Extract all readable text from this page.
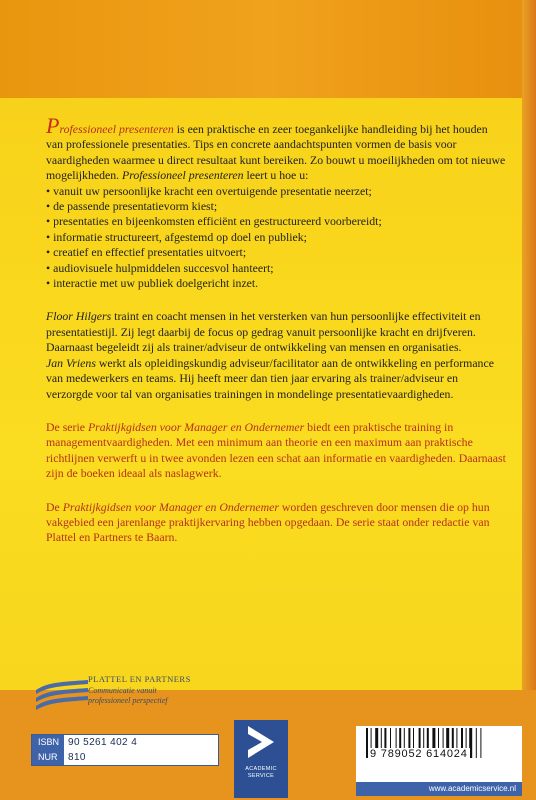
Professioneel presenteren is een praktische en zeer toegankelijke handleiding bij het houden van professionele presentaties. Tips en concrete aandachtspunten vormen de basis voor vaardigheden waarmee u direct resultaat kunt bereiken. Zo bouwt u moeilijkheden om tot nieuwe mogelijkheden. Professioneel presenteren leert u hoe u:

• vanuit uw persoonlijke kracht een overtuigende presentatie neerzet;
• de passende presentatievorm kiest;
• presentaties en bijeenkomsten efficiënt en gestructureerd voorbereidt;
• informatie structureert, afgestemd op doel en publiek;
• creatief en effectief presentaties uitvoert;
• audiovisuele hulpmiddelen succesvol hanteert;
• interactie met uw publiek doelgericht inzet.

Floor Hilgers traint en coacht mensen in het versterken van hun persoonlijke effectiviteit en presentatiestijl. Zij legt daarbij de focus op gedrag vanuit persoonlijke kracht en drijfveren. Daarnaast begeleidt zij als trainer/adviseur de ontwikkeling van mensen en organisaties.

Jan Vriens werkt als opleidingskundig adviseur/facilitator aan de ontwikkeling en performance van medewerkers en teams. Hij heeft meer dan tien jaar ervaring als trainer/adviseur en verzorgde voor tal van organisaties trainingen in mondelinge presentatievaardigheden.

De serie Praktijkgidsen voor Manager en Ondernemer biedt een praktische training in managementvaardigheden. Met een minimum aan theorie en een maximum aan praktische richtlijnen verwerft u in twee avonden lezen een schat aan informatie en vaardigheden. Daarnaast zijn de boeken ideaal als naslagwerk.

De Praktijkgidsen voor Manager en Ondernemer worden geschreven door mensen die op hun vakgebied een jarenlange praktijkervaring hebben opgedaan. De serie staat onder redactie van Plattel en Partners te Baarn.

PLATTEL EN PARTNERS
Communicatie vanuit
professioneel perspectief
ISBN 90 5261 402 4
NUR	810
ACADEMIC
SERVICE
9 789052 614024
www.academicservice.nl
